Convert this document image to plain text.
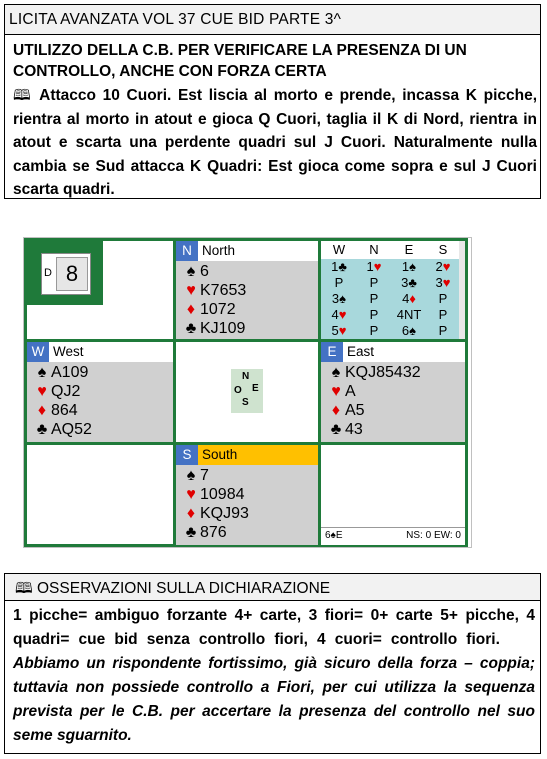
LICITA AVANZATA VOL 37 CUE BID PARTE 3^
UTILIZZO DELLA C.B. PER VERIFICARE LA PRESENZA DI UN CONTROLLO, ANCHE CON FORZA CERTA
🕮 Attacco 10 Cuori. Est liscia al morto e prende, incassa K picche, rientra al morto in atout e gioca Q Cuori, taglia il K di Nord, rientra in atout e scarta una perdente quadri sul J Cuori. Naturalmente nulla cambia se Sud attacca K Quadri: Est gioca come sopra e sul J Cuori scarta quadri.
D 8
N North
♠ 6
♥ K7653
♦ 1072
♣ KJ109
W	N	E	S
1♣	1♥	1♠	2♥
P	P	3♣	3♥
3♠	P	4♦	P
4♥	P	4NT	P
5♥	P	6♠	P
W West
♠ A109
♥ QJ2
♦ 864
♣ AQ52
N
O E
S
E East
♠ KQJ85432
♥ A
♦ A5
♣ 43
S South
♠ 7
♥ 10984
♦ KQJ93
♣ 876	6♠E	NS: 0 EW: 0
🕮 OSSERVAZIONI SULLA DICHIARAZIONE
1 picche= ambiguo forzante 4+ carte, 3 fiori= 0+ carte 5+ picche, 4 quadri= cue bid senza controllo fiori, 4 cuori= controllo fiori.  Abbiamo un rispondente fortissimo, già sicuro della forza – coppia; tuttavia non possiede controllo a Fiori, per cui utilizza la sequenza prevista per le C.B. per accertare la presenza del controllo nel suo seme sguarnito.
